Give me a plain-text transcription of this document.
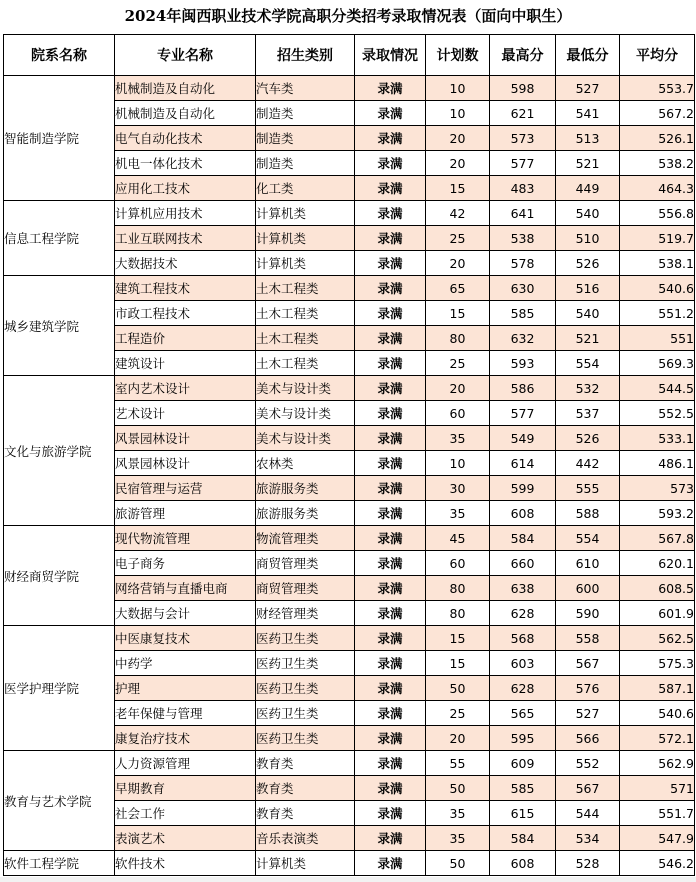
2024年闽西职业技术学院高职分类招考录取情况表（面向中职生）
院系名称	专业名称	招生类别	录取情况	计划数	最高分	最低分	平均分
智能制造学院	机械制造及自动化	汽车类	录满	10	598	527	553.7
	机械制造及自动化	制造类	录满	10	621	541	567.2
	电气自动化技术	制造类	录满	20	573	513	526.1
	机电一体化技术	制造类	录满	20	577	521	538.2
	应用化工技术	化工类	录满	15	483	449	464.3
信息工程学院	计算机应用技术	计算机类	录满	42	641	540	556.8
	工业互联网技术	计算机类	录满	25	538	510	519.7
	大数据技术	计算机类	录满	20	578	526	538.1
城乡建筑学院	建筑工程技术	土木工程类	录满	65	630	516	540.6
	市政工程技术	土木工程类	录满	15	585	540	551.2
	工程造价	土木工程类	录满	80	632	521	551
	建筑设计	土木工程类	录满	25	593	554	569.3
文化与旅游学院	室内艺术设计	美术与设计类	录满	20	586	532	544.5
	艺术设计	美术与设计类	录满	60	577	537	552.5
	风景园林设计	美术与设计类	录满	35	549	526	533.1
	风景园林设计	农林类	录满	10	614	442	486.1
	民宿管理与运营	旅游服务类	录满	30	599	555	573
	旅游管理	旅游服务类	录满	35	608	588	593.2
财经商贸学院	现代物流管理	物流管理类	录满	45	584	554	567.8
	电子商务	商贸管理类	录满	60	660	610	620.1
	网络营销与直播电商	商贸管理类	录满	80	638	600	608.5
	大数据与会计	财经管理类	录满	80	628	590	601.9
医学护理学院	中医康复技术	医药卫生类	录满	15	568	558	562.5
	中药学	医药卫生类	录满	15	603	567	575.3
	护理	医药卫生类	录满	50	628	576	587.1
	老年保健与管理	医药卫生类	录满	25	565	527	540.6
	康复治疗技术	医药卫生类	录满	20	595	566	572.1
教育与艺术学院	人力资源管理	教育类	录满	55	609	552	562.9
	早期教育	教育类	录满	50	585	567	571
	社会工作	教育类	录满	35	615	544	551.7
	表演艺术	音乐表演类	录满	35	584	534	547.9
软件工程学院	软件技术	计算机类	录满	50	608	528	546.2
